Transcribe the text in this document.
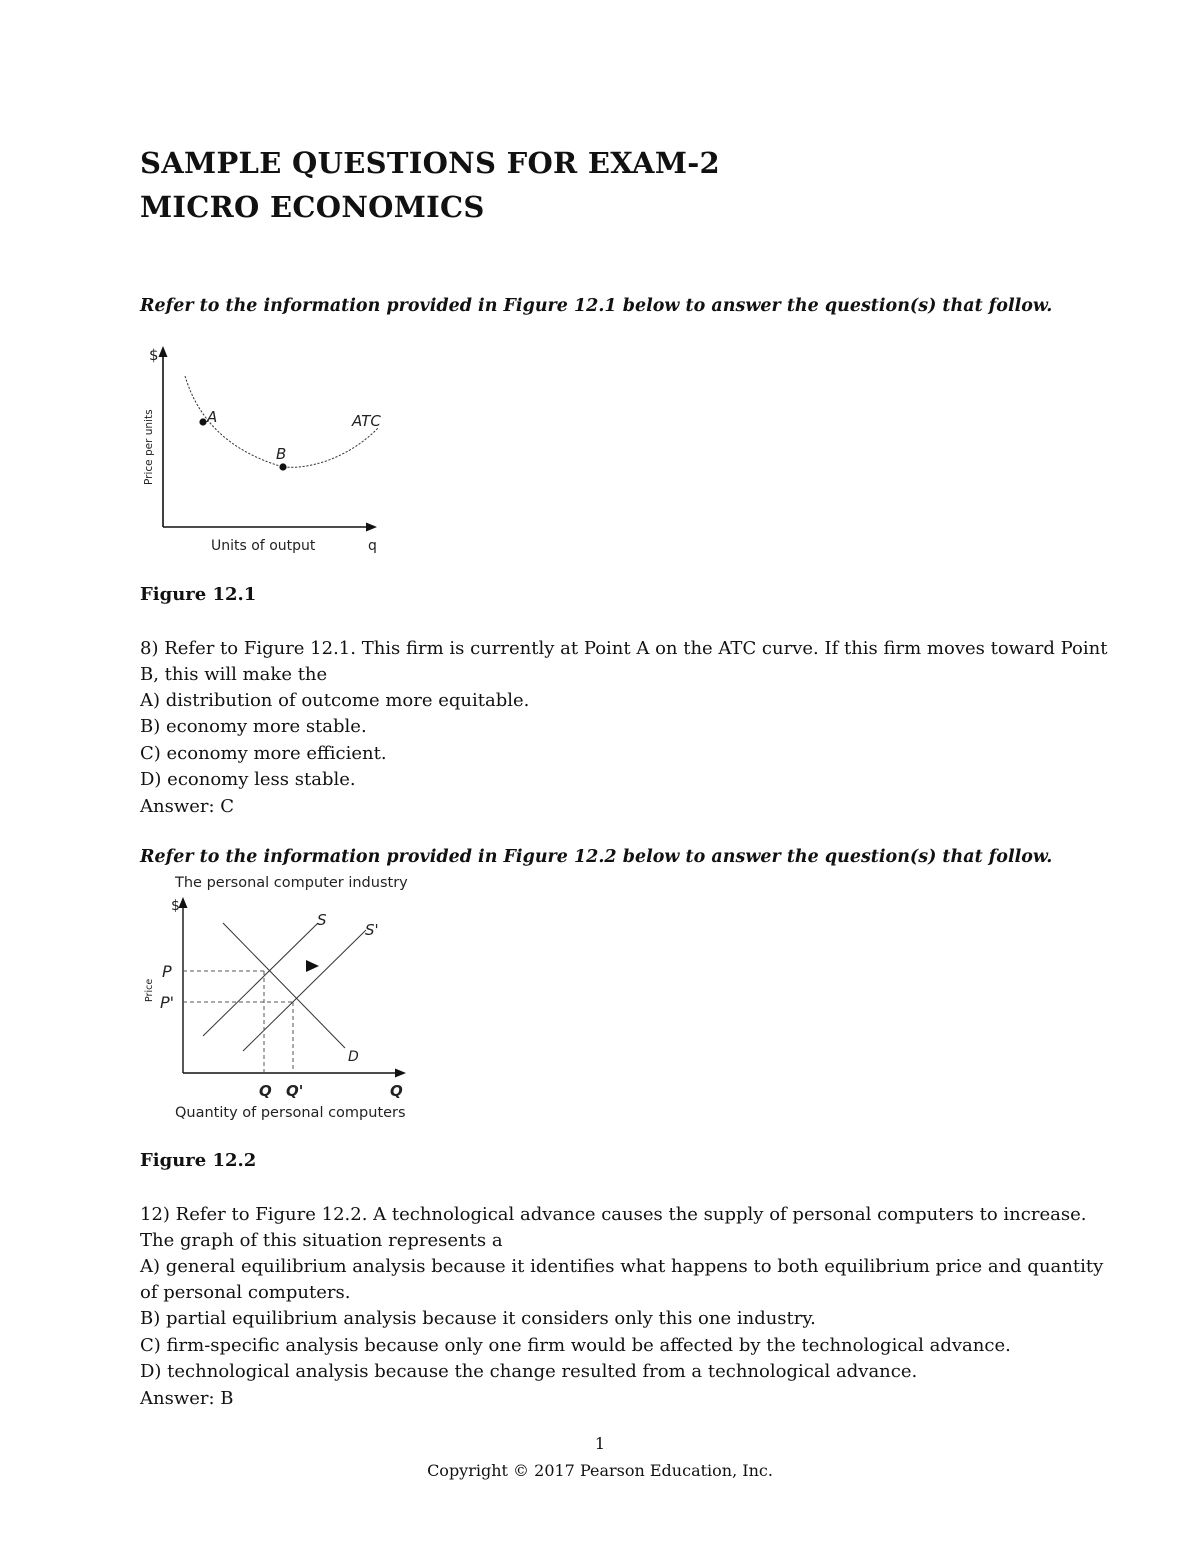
SAMPLE QUESTIONS FOR EXAM-2
MICRO ECONOMICS
Refer to the information provided in Figure 12.1 below to answer the question(s) that follow.
$
Price per units	A
B
ATC
Units of output	q
Figure 12.1
8) Refer to Figure 12.1. This firm is currently at Point A on the ATC curve. If this firm moves toward Point
B, this will make the
A) distribution of outcome more equitable.
B) economy more stable.
C) economy more efficient.
D) economy less stable.
Answer: C
Refer to the information provided in Figure 12.2 below to answer the question(s) that follow.
The personal computer industry
$
Price
S
S'
D
P
P'
Q Q'	Q
Quantity of personal computers
Figure 12.2
12) Refer to Figure 12.2. A technological advance causes the supply of personal computers to increase.
The graph of this situation represents a
A) general equilibrium analysis because it identifies what happens to both equilibrium price and quantity
of personal computers.
B) partial equilibrium analysis because it considers only this one industry.
C) firm-specific analysis because only one firm would be affected by the technological advance.
D) technological analysis because the change resulted from a technological advance.
Answer: B
1
Copyright © 2017 Pearson Education, Inc.
